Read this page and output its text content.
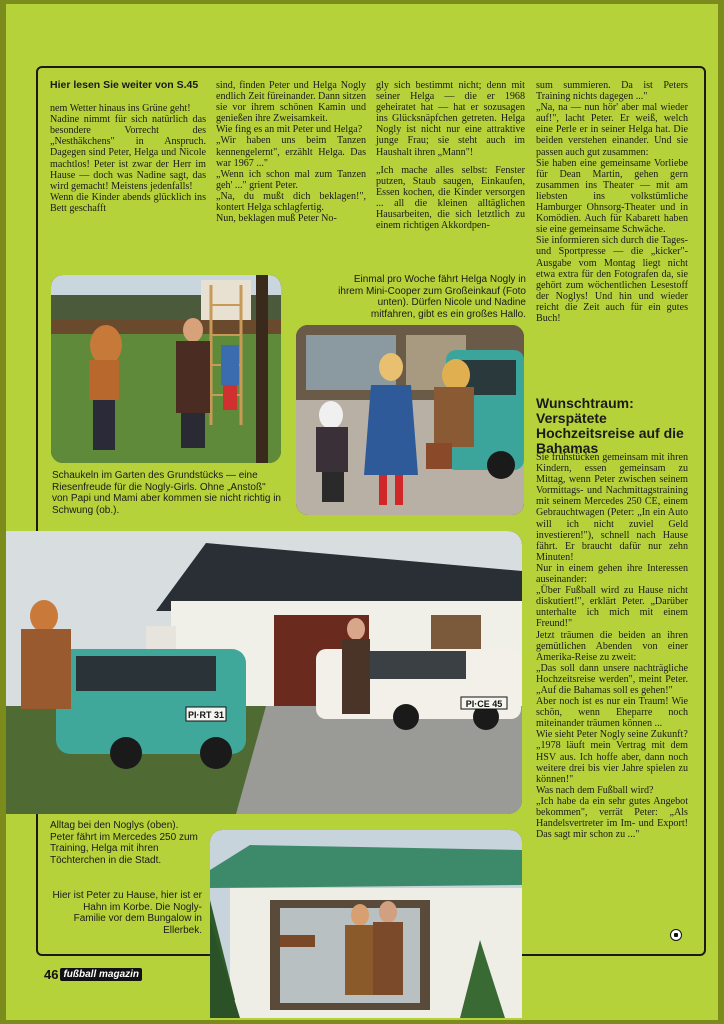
Hier lesen Sie weiter von S.45

nem Wetter hinaus ins Grüne geht!

Nadine nimmt für sich natürlich das besondere Vorrecht des „Nesthäkchens" in Anspruch. Dagegen sind Peter, Helga und Nicole machtlos! Peter ist zwar der Herr im Hause — doch was Nadine sagt, das wird gemacht! Meistens jedenfalls!

Wenn die Kinder abends glücklich ins Bett geschafft

sind, finden Peter und Helga Nogly endlich Zeit füreinander. Dann sitzen sie vor ihrem schönen Kamin und genießen ihre Zweisamkeit.

Wie fing es an mit Peter und Helga?

„Wir haben uns beim Tanzen kennengelernt", erzählt Helga. Das war 1967 ..."

„Wenn ich schon mal zum Tanzen geh' ..." grient Peter.

„Na, du mußt dich beklagen!", kontert Helga schlagfertig.

Nun, beklagen muß Peter No-

gly sich bestimmt nicht; denn mit seiner Helga — die er 1968 geheiratet hat — hat er sozusagen ins Glücksnäpfchen getreten. Helga Nogly ist nicht nur eine attraktive junge Frau; sie steht auch im Haushalt ihren „Mann"!

„Ich mache alles selbst: Fenster putzen, Staub saugen, Einkaufen, Essen kochen, die Kinder versorgen ... all die kleinen alltäglichen Hausarbeiten, die sich letztlich zu einem richtigen Akkordpen-

sum summieren. Da ist Peters Training nichts dagegen ..."

„Na, na — nun hör' aber mal wieder auf!", lacht Peter. Er weiß, welch eine Perle er in seiner Helga hat. Die beiden verstehen einander. Und sie passen auch gut zusammen:

Sie haben eine gemeinsame Vorliebe für Dean Martin, gehen gern zusammen ins Theater — mit am liebsten ins volkstümliche Hamburger Ohnsorg-Theater und in Komödien. Auch für Kabarett haben sie eine gemeinsame Schwäche.

Sie informieren sich durch die Tages- und Sportpresse — die „kicker"-Ausgabe vom Montag liegt nicht etwa extra für den Fotografen da, sie gehört zum wöchentlichen Lesestoff der Noglys! Und hin und wieder reicht die Zeit auch für ein gutes Buch!

Wunschtraum: Verspätete Hochzeitsreise auf die Bahamas

Sie frühstücken gemeinsam mit ihren Kindern, essen gemeinsam zu Mittag, wenn Peter zwischen seinem Vormittags- und Nachmittagstraining mit seinem Mercedes 250 CE, einem Gebrauchtwagen (Peter: „In ein Auto will ich nicht zuviel Geld investieren!"), schnell nach Hause fährt. Er braucht dafür nur zehn Minuten!

Nur in einem gehen ihre Interessen auseinander:

„Über Fußball wird zu Hause nicht diskutiert!", erklärt Peter. „Darüber unterhalte ich mich mit einem Freund!"

Jetzt träumen die beiden an ihren gemütlichen Abenden von einer Amerika-Reise zu zweit:

„Das soll dann unsere nachträgliche Hochzeitsreise werden", meint Peter. „Auf die Bahamas soll es gehen!"

Aber noch ist es nur ein Traum! Wie schön, wenn Eheparre noch miteinander träumen können ...

Wie sieht Peter Nogly seine Zukunft?

„1978 läuft mein Vertrag mit dem HSV aus. Ich hoffe aber, dann noch weitere drei bis vier Jahre spielen zu können!"

Was nach dem Fußball wird?

„Ich habe da ein sehr gutes Angebot bekommen", verrät Peter: „Als Handelsvertreter im Im- und Export! Das sagt mir schon zu ..."

Einmal pro Woche fährt Helga Nogly in ihrem Mini-Cooper zum Großeinkauf (Foto unten). Dürfen Nicole und Nadine mitfahren, gibt es ein großes Hallo.
Schaukeln im Garten des Grundstücks — eine Riesenfreude für die Nogly-Girls. Ohne „Anstoß" von Papi und Mami aber kommen sie nicht richtig in Schwung (ob.).
PI·RT 31
PI·CE 45
Alltag bei den Noglys (oben). Peter fährt im Mercedes 250 zum Training, Helga mit ihren Töchterchen in die Stadt.
Hier ist Peter zu Hause, hier ist er Hahn im Korbe. Die Nogly-Familie vor dem Bungalow in Ellerbek.
46 fußball magazin
